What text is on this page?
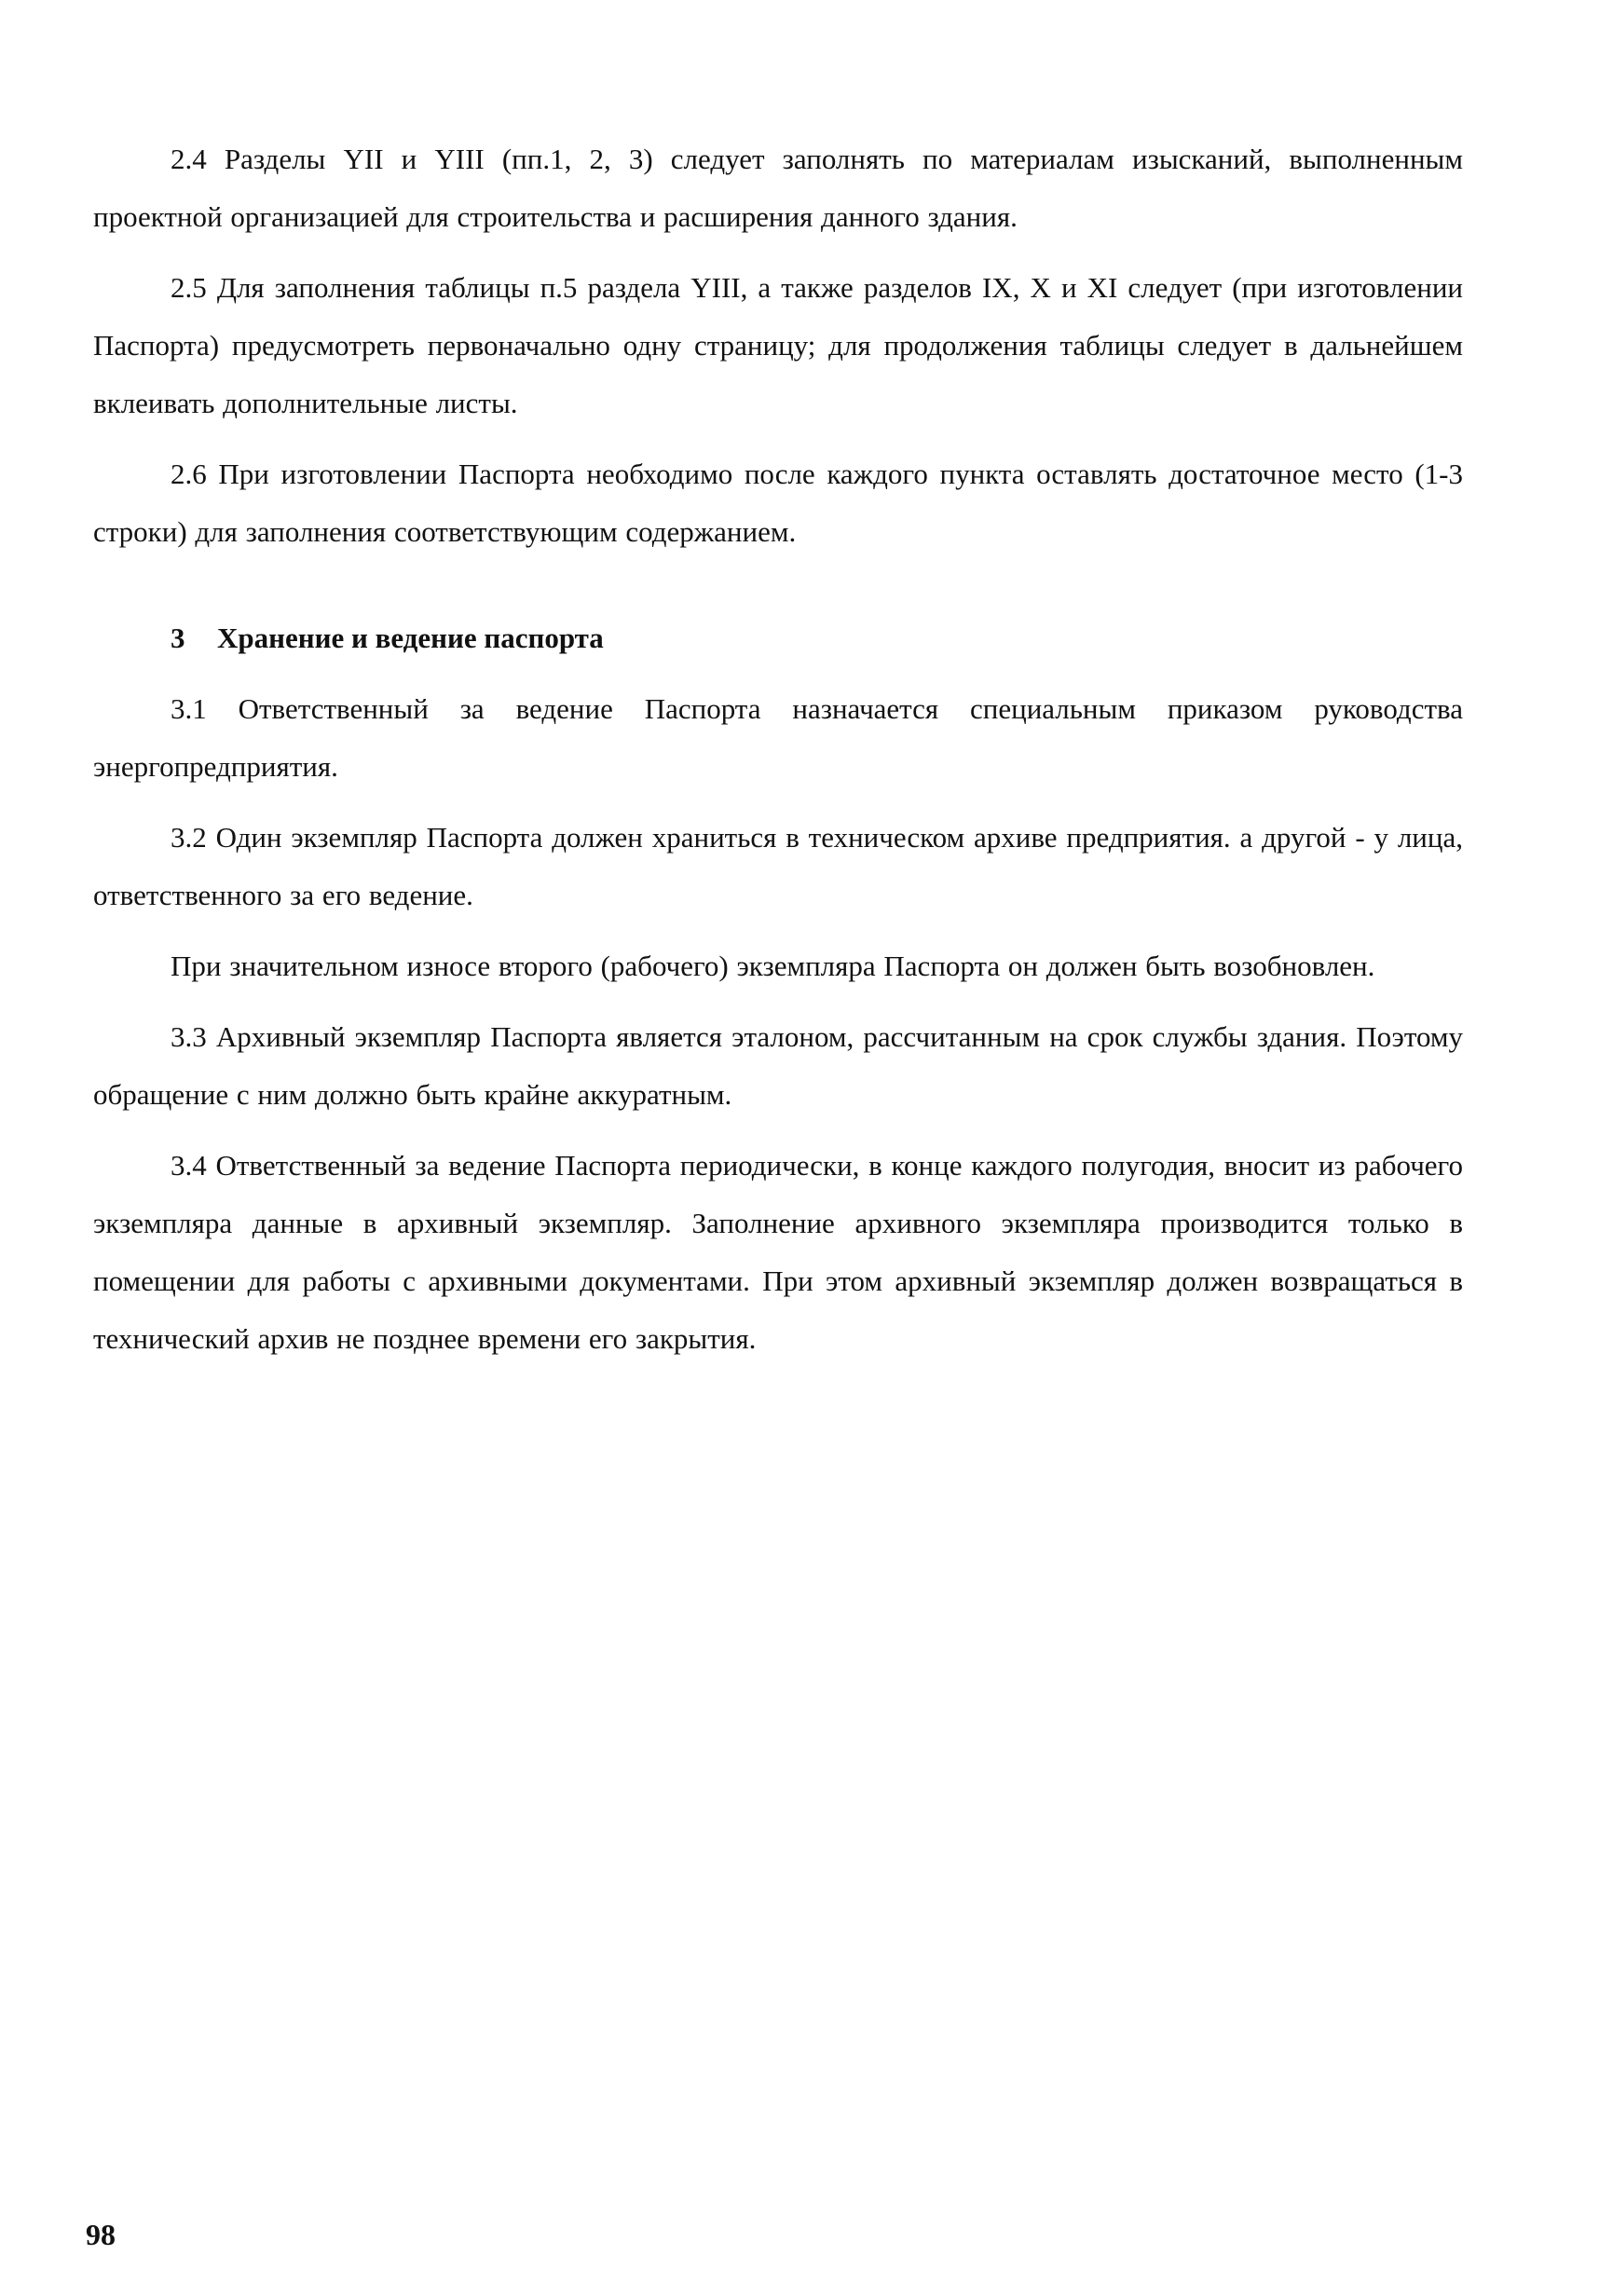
2.4 Разделы YII и YIII (пп.1, 2, 3) следует заполнять по материалам изысканий, выполненным проектной организацией для строительства и расширения данного здания.

2.5 Для заполнения таблицы п.5 раздела YIII, а также разделов IX, X и XI следует (при изготовлении Паспорта) предусмотреть первоначально одну страницу; для продолжения таблицы следует в дальнейшем вклеивать дополнительные листы.

2.6 При изготовлении Паспорта необходимо после каждого пункта оставлять достаточное место (1-3 строки) для заполнения соответствующим содержанием.

3 Хранение и ведение паспорта

3.1 Ответственный за ведение Паспорта назначается специальным приказом руководства энергопредприятия.

3.2 Один экземпляр Паспорта должен храниться в техническом архиве предприятия. а другой - у лица, ответственного за его ведение.

При значительном износе второго (рабочего) экземпляра Паспорта он должен быть возобновлен.

3.3 Архивный экземпляр Паспорта является эталоном, рассчитанным на срок службы здания. Поэтому обращение с ним должно быть крайне аккуратным.

3.4 Ответственный за ведение Паспорта периодически, в конце каждого полугодия, вносит из рабочего экземпляра данные в архивный экземпляр. Заполнение архивного экземпляра производится только в помещении для работы с архивными документами. При этом архивный экземпляр должен возвращаться в технический архив не позднее времени его закрытия.

98
